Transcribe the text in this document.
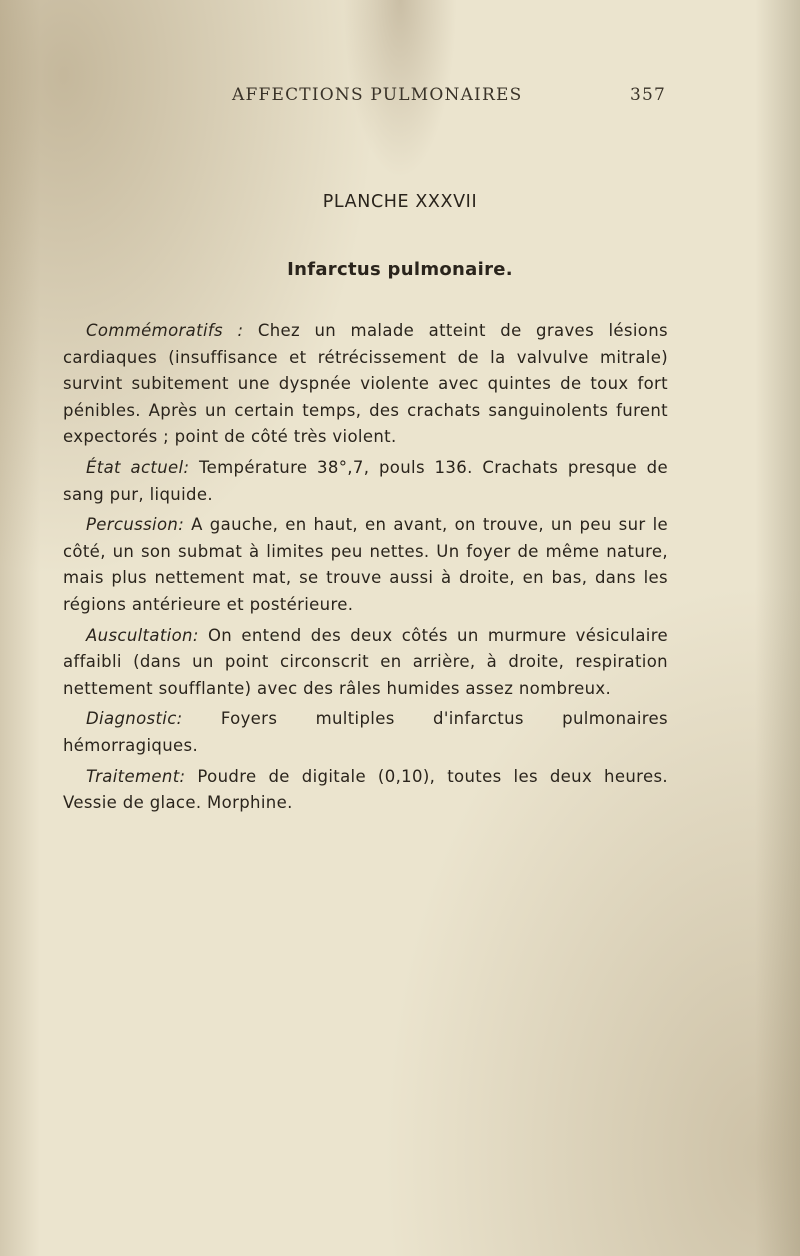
AFFECTIONS PULMONAIRES	357
PLANCHE XXXVII
Infarctus pulmonaire.

Commémoratifs : Chez un malade atteint de graves lésions cardiaques (insuffisance et rétrécissement de la valvulve mitrale) survint subitement une dyspnée violente avec quintes de toux fort pénibles. Après un certain temps, des crachats sanguinolents furent expectorés ; point de côté très violent.

État actuel: Température 38°,7, pouls 136. Crachats presque de sang pur, liquide.

Percussion: A gauche, en haut, en avant, on trouve, un peu sur le côté, un son submat à limites peu nettes. Un foyer de même nature, mais plus nettement mat, se trouve aussi à droite, en bas, dans les régions antérieure et postérieure.

Auscultation: On entend des deux côtés un murmure vésiculaire affaibli (dans un point circonscrit en arrière, à droite, respiration nettement soufflante) avec des râles humides assez nombreux.

Diagnostic: Foyers multiples d'infarctus pulmonaires hémorragiques.

Traitement: Poudre de digitale (0,10), toutes les deux heures. Vessie de glace. Morphine.
